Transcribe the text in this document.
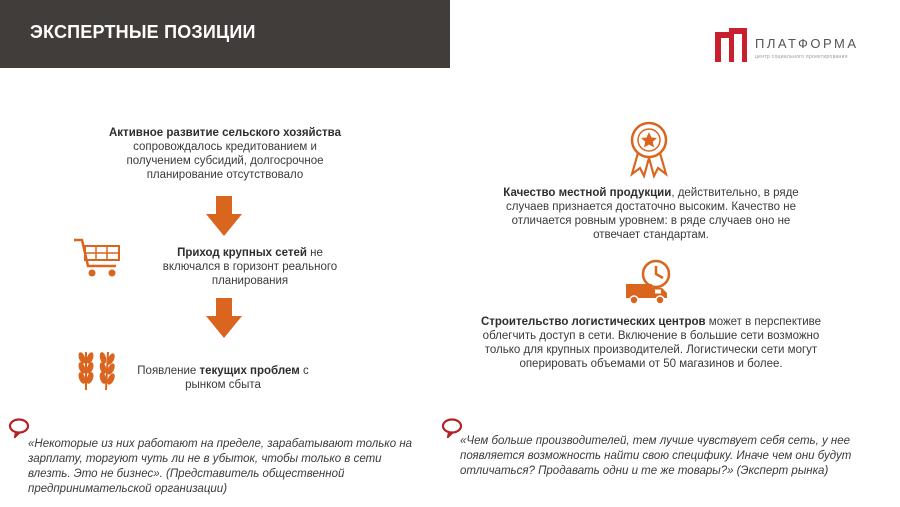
ЭКСПЕРТНЫЕ ПОЗИЦИИ
ПЛАТФОРМА
центр социального проектирования
Активное развитие сельского хозяйства сопровождалось кредитованием и получением субсидий, долгосрочное планирование отсутствовало
Приход крупных сетей не включался в горизонт реального планирования
Появление текущих проблем с рынком сбыта
«Некоторые из них работают на пределе, зарабатывают только на зарплату, торгуют чуть ли не в убыток, чтобы только в сети влезть. Это не бизнес». (Представитель общественной предпринимательской организации)
Качество местной продукции, действительно, в ряде случаев признается достаточно высоким. Качество не отличается ровным уровнем: в ряде случаев оно не отвечает стандартам.
Строительство логистических центров может в перспективе облегчить доступ в сети. Включение в большие сети возможно только для крупных производителей. Логистически сети могут оперировать объемами от 50 магазинов и более.
«Чем больше производителей, тем лучше чувствует себя сеть, у нее появляется возможность найти свою специфику. Иначе чем они будут отличаться? Продавать одни и те же товары?» (Эксперт рынка)
